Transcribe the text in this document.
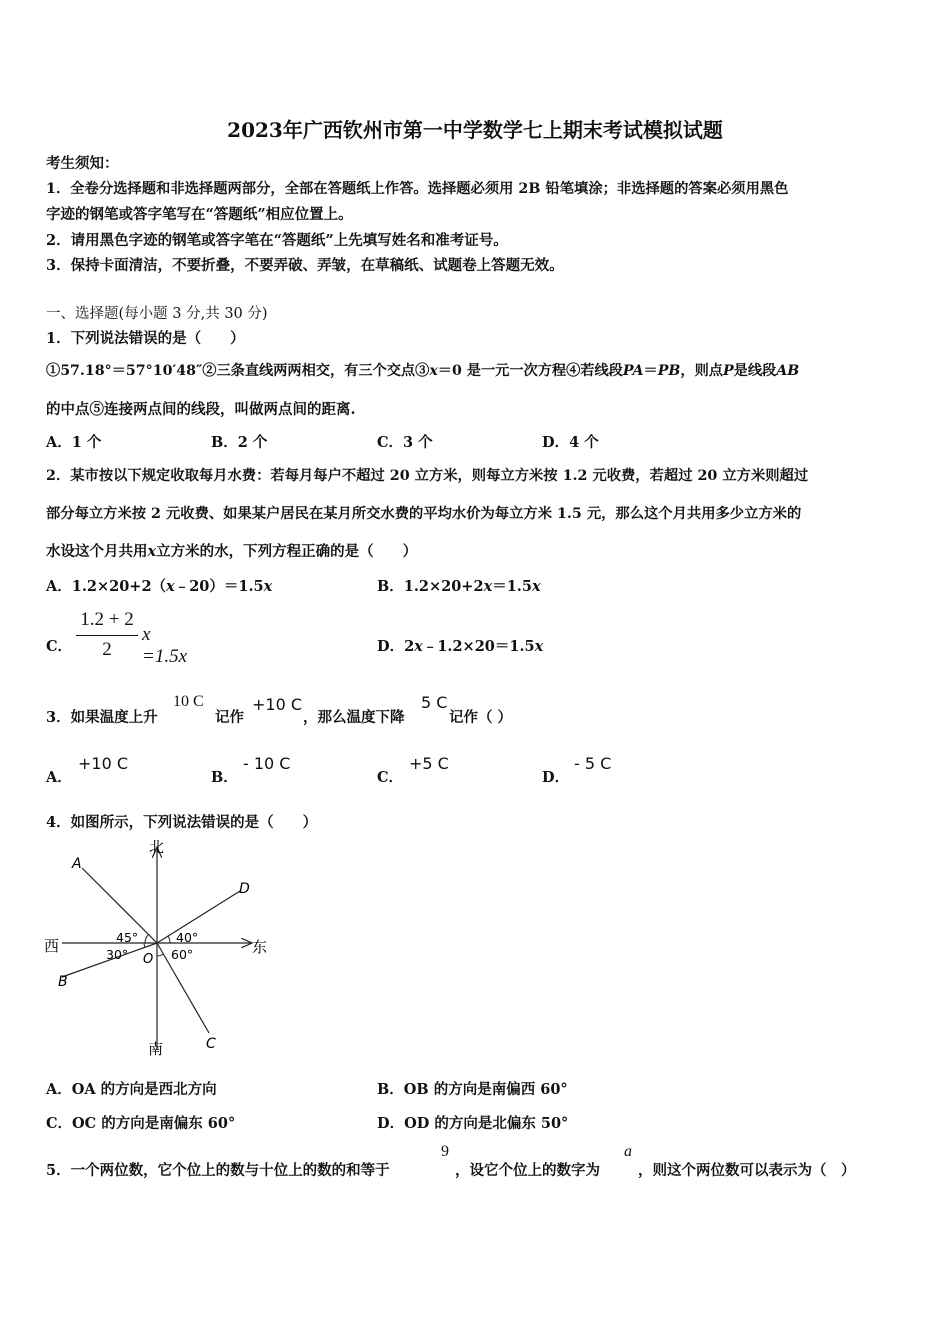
2023年广西钦州市第一中学数学七上期末考试模拟试题
考生须知：
1．全卷分选择题和非选择题两部分，全部在答题纸上作答。选择题必须用 2B 铅笔填涂；非选择题的答案必须用黑色
字迹的钢笔或答字笔写在“答题纸”相应位置上。
2．请用黑色字迹的钢笔或答字笔在“答题纸”上先填写姓名和准考证号。
3．保持卡面清洁，不要折叠，不要弄破、弄皱，在草稿纸、试题卷上答题无效。
一、选择题(每小题 3 分,共 30 分)
1．下列说法错误的是（　　）
①57.18°＝57°10′48″②三条直线两两相交，有三个交点③x＝0 是一元一次方程④若线段PA＝PB，则点P是线段AB
的中点⑤连接两点间的线段，叫做两点间的距离.
A．1 个	B．2 个	C．3 个	D．4 个
2．某市按以下规定收取每月水费：若每月每户不超过 20 立方米，则每立方米按 1.2 元收费，若超过 20 立方米则超过
部分每立方米按 2 元收费、如果某户居民在某月所交水费的平均水价为每立方米 1.5 元，那么这个月共用多少立方米的
水设这个月共用x立方米的水，下列方程正确的是（　　）
A．1.2×20+2（x﹣20）＝1.5x	B．1.2×20+2x＝1.5x
C．
1.2 + 2
2
x =1.5x	D．2x﹣1.2×20＝1.5x
3．如果温度上升
10 C
记作
+10 C
，那么温度下降
5 C
记作（ ）
A．
+10 C
B．
- 10 C
C．
+5 C
D．
- 5 C
4．如图所示，下列说法错误的是（　　）
北
南
西	东
A
B
C
D
O
45°	40°
30°	60°
A．OA 的方向是西北方向	B．OB 的方向是南偏西 60°
C．OC 的方向是南偏东 60°	D．OD 的方向是北偏东 50°
5．一个两位数，它个位上的数与十位上的数的和等于
9
，设它个位上的数字为
a
，则这个两位数可以表示为（　）
